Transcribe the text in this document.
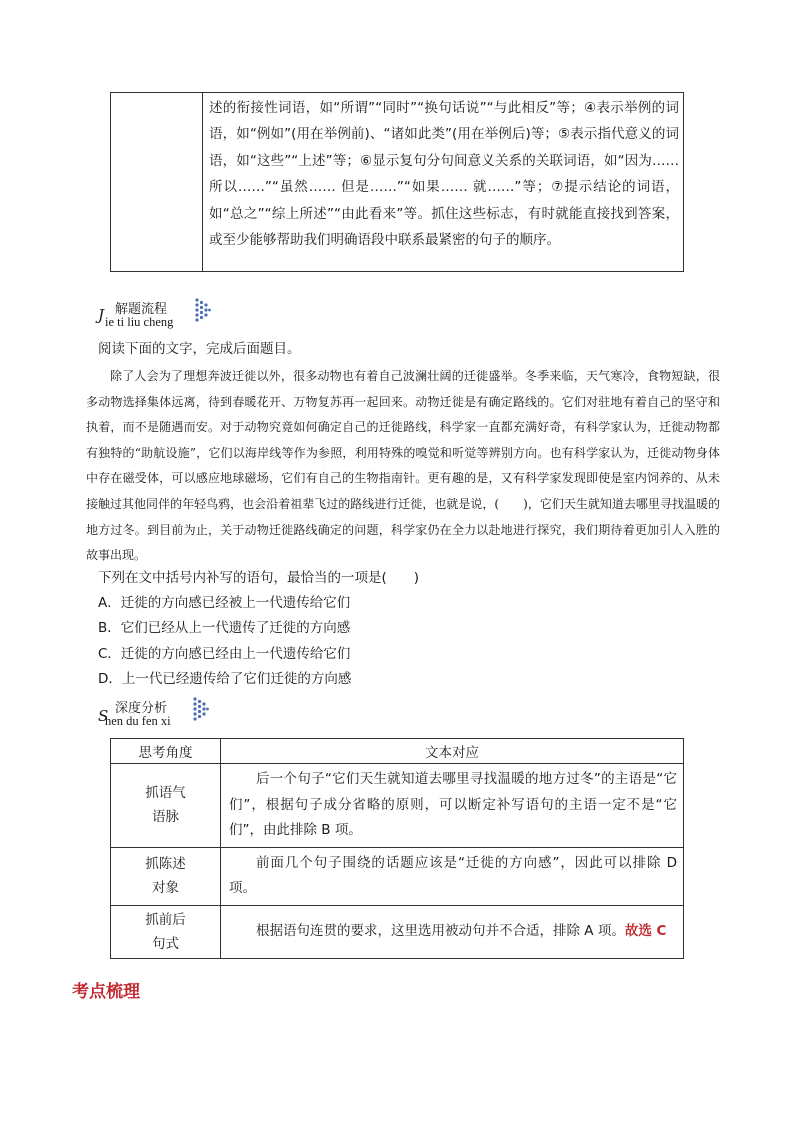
述的衔接性词语，如“所谓”“同时”“换句话说”“与此相反”等；④表示举例的词语，如“例如”(用在举例前)、“诸如此类”(用在举例后)等；⑤表示指代意义的词语，如“这些”“上述”等；⑥显示复句分句间意义关系的关联词语，如“因为…… 所以……”“虽然…… 但是……”“如果…… 就……”等；⑦提示结论的词语，如“总之”“综上所述”“由此看来”等。抓住这些标志，有时就能直接找到答案，或至少能够帮助我们明确语段中联系最紧密的句子的顺序。
J 解题流程
ie ti liu cheng
阅读下面的文字，完成后面题目。
除了人会为了理想奔波迁徙以外，很多动物也有着自己波澜壮阔的迁徙盛举。冬季来临，天气寒冷，食物短缺，很多动物选择集体远离，待到春暖花开、万物复苏再一起回来。动物迁徙是有确定路线的。它们对驻地有着自己的坚守和执着，而不是随遇而安。对于动物究竟如何确定自己的迁徙路线，科学家一直都充满好奇，有科学家认为，迁徙动物都有独特的“助航设施”，它们以海岸线等作为参照，利用特殊的嗅觉和听觉等辨别方向。也有科学家认为，迁徙动物身体中存在磁受体，可以感应地球磁场，它们有自己的生物指南针。更有趣的是，又有科学家发现即使是室内饲养的、从未接触过其他同伴的年轻鸟鸦，也会沿着祖辈飞过的路线进行迁徙，也就是说，(　　)，它们天生就知道去哪里寻找温暖的地方过冬。到目前为止，关于动物迁徙路线确定的问题，科学家仍在全力以赴地进行探究，我们期待着更加引人入胜的故事出现。
下列在文中括号内补写的语句，最恰当的一项是(　　)
A．迁徙的方向感已经被上一代遗传给它们
B．它们已经从上一代遗传了迁徙的方向感
C．迁徙的方向感已经由上一代遗传给它们
D．上一代已经遗传给了它们迁徙的方向感
S 深度分析
hen du fen xi
思考角度	文本对应

抓语气
语脉	后一个句子“它们天生就知道去哪里寻找温暖的地方过冬”的主语是“它们”，根据句子成分省略的原则，可以断定补写语句的主语一定不是“它们”，由此排除 B 项。

抓陈述
对象	前面几个句子围绕的话题应该是“迁徙的方向感”，因此可以排除 D 项。

抓前后
句式	根据语句连贯的要求，这里选用被动句并不合适，排除 A 项。故选 C
考点梳理
